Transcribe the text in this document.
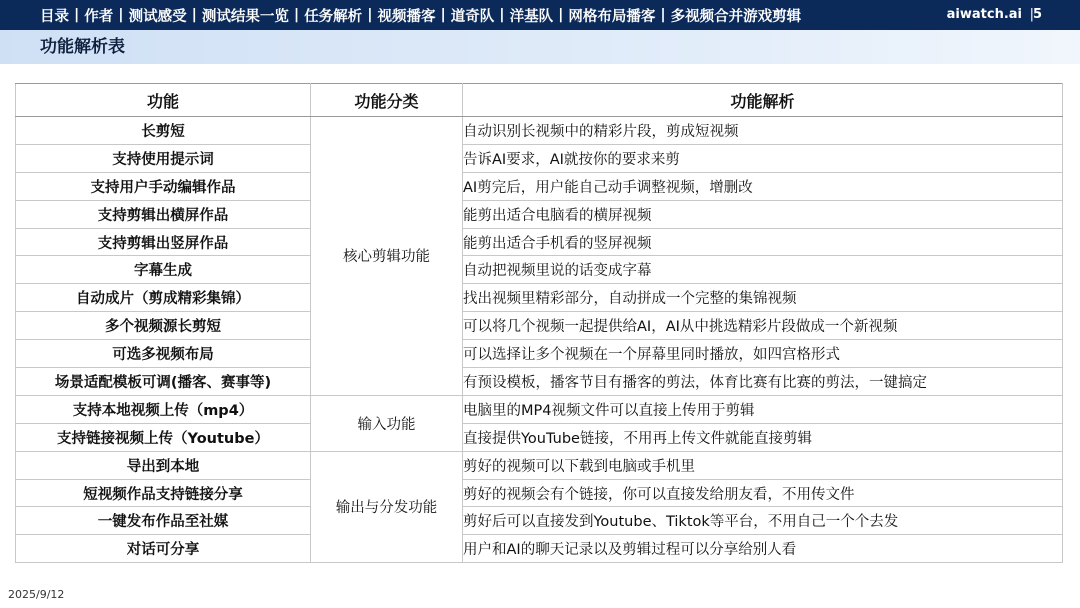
目录 | 作者 | 测试感受 | 测试结果一览 | 任务解析 | 视频播客 | 道奇队 | 洋基队 | 网格布局播客 | 多视频合并游戏剪辑	aiwatch.ai |
5
功能解析表
功能	功能分类	功能解析
长剪短	核心剪辑功能	自动识别长视频中的精彩片段，剪成短视频
支持使用提示词		告诉AI要求，AI就按你的要求来剪
支持用户手动编辑作品		AI剪完后，用户能自己动手调整视频，增删改
支持剪辑出横屏作品		能剪出适合电脑看的横屏视频
支持剪辑出竖屏作品		能剪出适合手机看的竖屏视频
字幕生成		自动把视频里说的话变成字幕
自动成片（剪成精彩集锦）		找出视频里精彩部分，自动拼成一个完整的集锦视频
多个视频源长剪短		可以将几个视频一起提供给AI，AI从中挑选精彩片段做成一个新视频
可选多视频布局		可以选择让多个视频在一个屏幕里同时播放，如四宫格形式
场景适配模板可调(播客、赛事等)		有预设模板，播客节目有播客的剪法，体育比赛有比赛的剪法，一键搞定
支持本地视频上传（mp4）	输入功能	电脑里的MP4视频文件可以直接上传用于剪辑
支持链接视频上传（Youtube）		直接提供YouTube链接，不用再上传文件就能直接剪辑
导出到本地	输出与分发功能	剪好的视频可以下载到电脑或手机里
短视频作品支持链接分享		剪好的视频会有个链接，你可以直接发给朋友看，不用传文件
一键发布作品至社媒		剪好后可以直接发到Youtube、Tiktok等平台，不用自己一个个去发
对话可分享		用户和AI的聊天记录以及剪辑过程可以分享给别人看
2025/9/12
